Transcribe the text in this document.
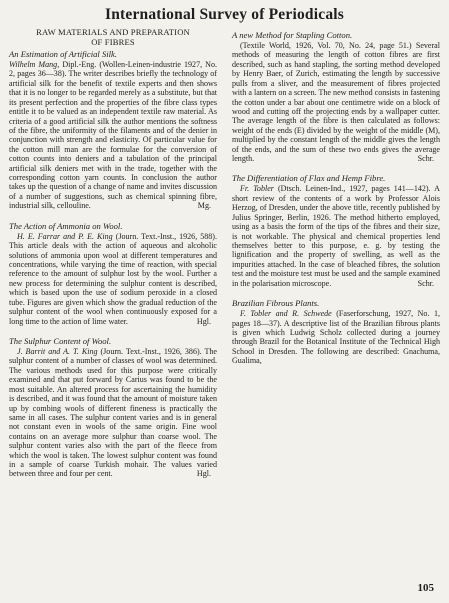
International Survey of Periodicals
RAW MATERIALS AND PREPARATION
OF FIBRES
An Estimation of Artificial Silk.

Wilhelm Mang, Dipl.-Eng. (Wollen-Leinen-industrie 1927, No. 2, pages 36—38). The writer describes briefly the technology of artificial silk for the benefit of textile experts and then shows that it is no longer to be regarded merely as a substitute, but that its present perfection and the properties of the fibre class types entitle it to be valued as an independent textile raw material. As criteria of a good artificial silk the author mentions the softness of the fibre, the uniformity of the filaments and of the denier in conjunction with strength and elasticity. Of particular value for the cotton mill man are the formulae for the conversion of cotton counts into deniers and a tabulation of the principal artificial silk deniers met with in the trade, together with the corresponding cotton yarn counts. In conclusion the author takes up the question of a change of name and invites discussion of a number of suggestions, such as chemical spinning fibre, industrial silk, cellouline.	Mg.

The Action of Ammonia on Wool.

H. E. Farrar and P. E. King (Journ. Text.-Inst., 1926, 588). This article deals with the action of aqueous and alcoholic solutions of ammonia upon wool at different temperatures and concentrations, while varying the time of reaction, with special reference to the amount of sulphur lost by the wool. Further a new process for determining the sulphur content is described, which is based upon the use of sodium peroxide in a closed tube. Figures are given which show the gradual reduction of the sulphur content of the wool when continuously exposed for a long time to the action of lime water.	Hgl.

The Sulphur Content of Wool.

J. Barrit and A. T. King (Journ. Text.-Inst., 1926, 386). The sulphur content of a number of classes of wool was determined. The various methods used for this purpose were critically examined and that put forward by Carius was found to be the most suitable. An altered process for ascertaining the humidity is described, and it was found that the amount of moisture taken up by combing wools of different fineness is practically the same in all cases. The sulphur content varies and is in general not constant even in wools of the same origin. Fine wool contains on an average more sulphur than coarse wool. The sulphur content varies also with the part of the fleece from which the wool is taken. The lowest sulphur content was found in a sample of coarse Turkish mohair. The values varied between three and four per cent.	Hgl.

A new Method for Stapling Cotton.

(Textile World, 1926, Vol. 70, No. 24, page 51.) Several methods of measuring the length of cotton fibres are first described, such as hand stapling, the sorting method developed by Henry Baer, of Zurich, estimating the length by successive pulls from a sliver, and the measurement of fibres projected with a lantern on a screen. The new method consists in fastening the cotton under a bar about one centimetre wide on a block of wood and cutting off the projecting ends by a wallpaper cutter. The average length of the fibre is then calculated as follows: weight of the ends (E) divided by the weight of the middle (M), multiplied by the constant length of the middle gives the length of the ends, and the sum of these two ends gives the average length.	Schr.

The Differentiation of Flax and Hemp Fibre.

Fr. Tobler (Dtsch. Leinen-Ind., 1927, pages 141—142). A short review of the contents of a work by Professor Alois Herzog, of Dresden, under the above title, recently published by Julius Springer, Berlin, 1926. The method hitherto employed, using as a basis the form of the tips of the fibres and their size, is not workable. The physical and chemical properties lend themselves better to this purpose, e. g. by testing the lignification and the property of swelling, as well as the impurities attached. In the case of bleached fibres, the solution test and the moisture test must be used and the sample examined in the polarisation microscope.	Schr.

Brazilian Fibrous Plants.

F. Tobler and R. Schwede (Faserforschung, 1927, No. 1, pages 18—37). A descriptive list of the Brazilian fibrous plants is given which Ludwig Scholz collected during a journey through Brazil for the Botanical Institute of the Technical High School in Dresden. The following are described: Gnachuma, Gualima,

105
